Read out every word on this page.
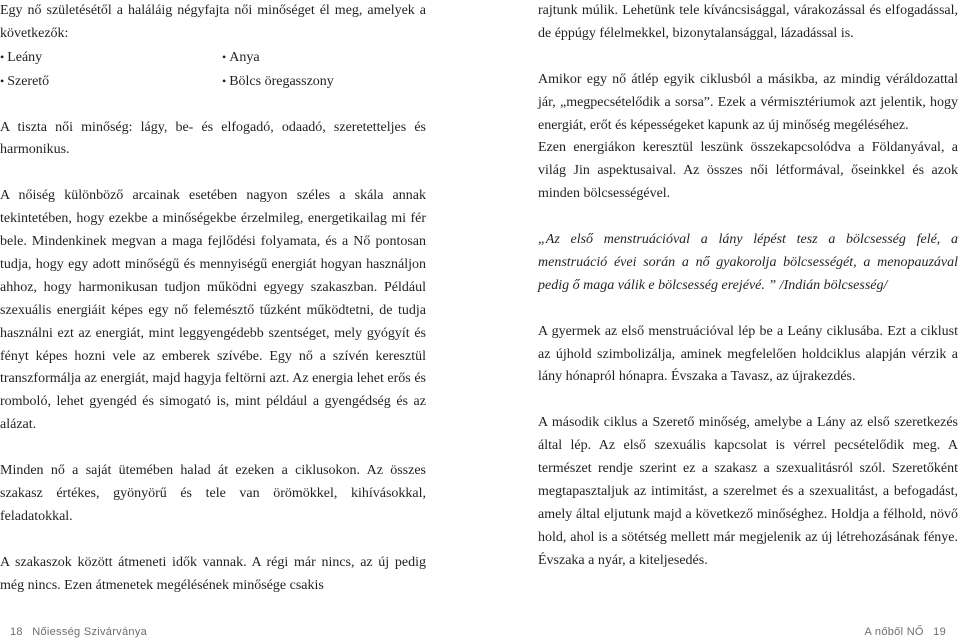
Egy nő születésétől a haláláig négyfajta női minőséget él meg, amelyek a következők:

• Leány	• Anya
• Szerető	• Bölcs öregasszony

A tiszta női minőség: lágy, be- és elfogadó, odaadó, szeretetteljes és harmonikus.

A nőiség különböző arcainak esetében nagyon széles a skála annak tekintetében, hogy ezekbe a minőségekbe érzelmileg, energetikailag mi fér bele. Mindenkinek megvan a maga fejlődési folyamata, és a Nő pontosan tudja, hogy egy adott minőségű és mennyiségű energiát hogyan használjon ahhoz, hogy harmonikusan tudjon működni egyegy szakaszban. Például szexuális energiáit képes egy nő felemésztő tűzként működtetni, de tudja használni ezt az energiát, mint leggyengédebb szentséget, mely gyógyít és fényt képes hozni vele az emberek szívébe. Egy nő a szívén keresztül transzformálja az energiát, majd hagyja feltörni azt. Az energia lehet erős és romboló, lehet gyengéd és simogató is, mint például a gyengédség és az alázat.

Minden nő a saját ütemében halad át ezeken a ciklusokon. Az összes szakasz értékes, gyönyörű és tele van örömökkel, kihívásokkal, feladatokkal.

A szakaszok között átmeneti idők vannak. A régi már nincs, az új pedig még nincs. Ezen átmenetek megélésének minősége csakis

18 Nőiesség Szivárványa

rajtunk múlik. Lehetünk tele kíváncsisággal, várakozással és elfogadással, de éppúgy félelmekkel, bizonytalansággal, lázadással is.

Amikor egy nő átlép egyik ciklusból a másikba, az mindig véráldozattal jár, „megpecsételődik a sorsa”. Ezek a vérmisztériumok azt jelentik, hogy energiát, erőt és képességeket kapunk az új minőség megéléséhez.

Ezen energiákon keresztül leszünk összekapcsolódva a Földanyával, a világ Jin aspektusaival. Az összes női létformával, őseinkkel és azok minden bölcsességével.

„Az első menstruációval a lány lépést tesz a bölcsesség felé, a menstruáció évei során a nő gyakorolja bölcsességét, a menopauzával pedig ő maga válik e bölcsesség erejévé. ” /Indián bölcsesség/

A gyermek az első menstruációval lép be a Leány ciklusába. Ezt a ciklust az újhold szimbolizálja, aminek megfelelően holdciklus alapján vérzik a lány hónapról hónapra. Évszaka a Tavasz, az újrakezdés.

A második ciklus a Szerető minőség, amelybe a Lány az első szeretkezés által lép. Az első szexuális kapcsolat is vérrel pecsételődik meg. A természet rendje szerint ez a szakasz a szexualitásról szól. Szeretőként megtapasztaljuk az intimitást, a szerelmet és a szexualitást, a befogadást, amely által eljutunk majd a következő minőséghez. Holdja a félhold, növő hold, ahol is a sötétség mellett már megjelenik az új létrehozásának fénye. Évszaka a nyár, a kiteljesedés.

A nőből NŐ 19
